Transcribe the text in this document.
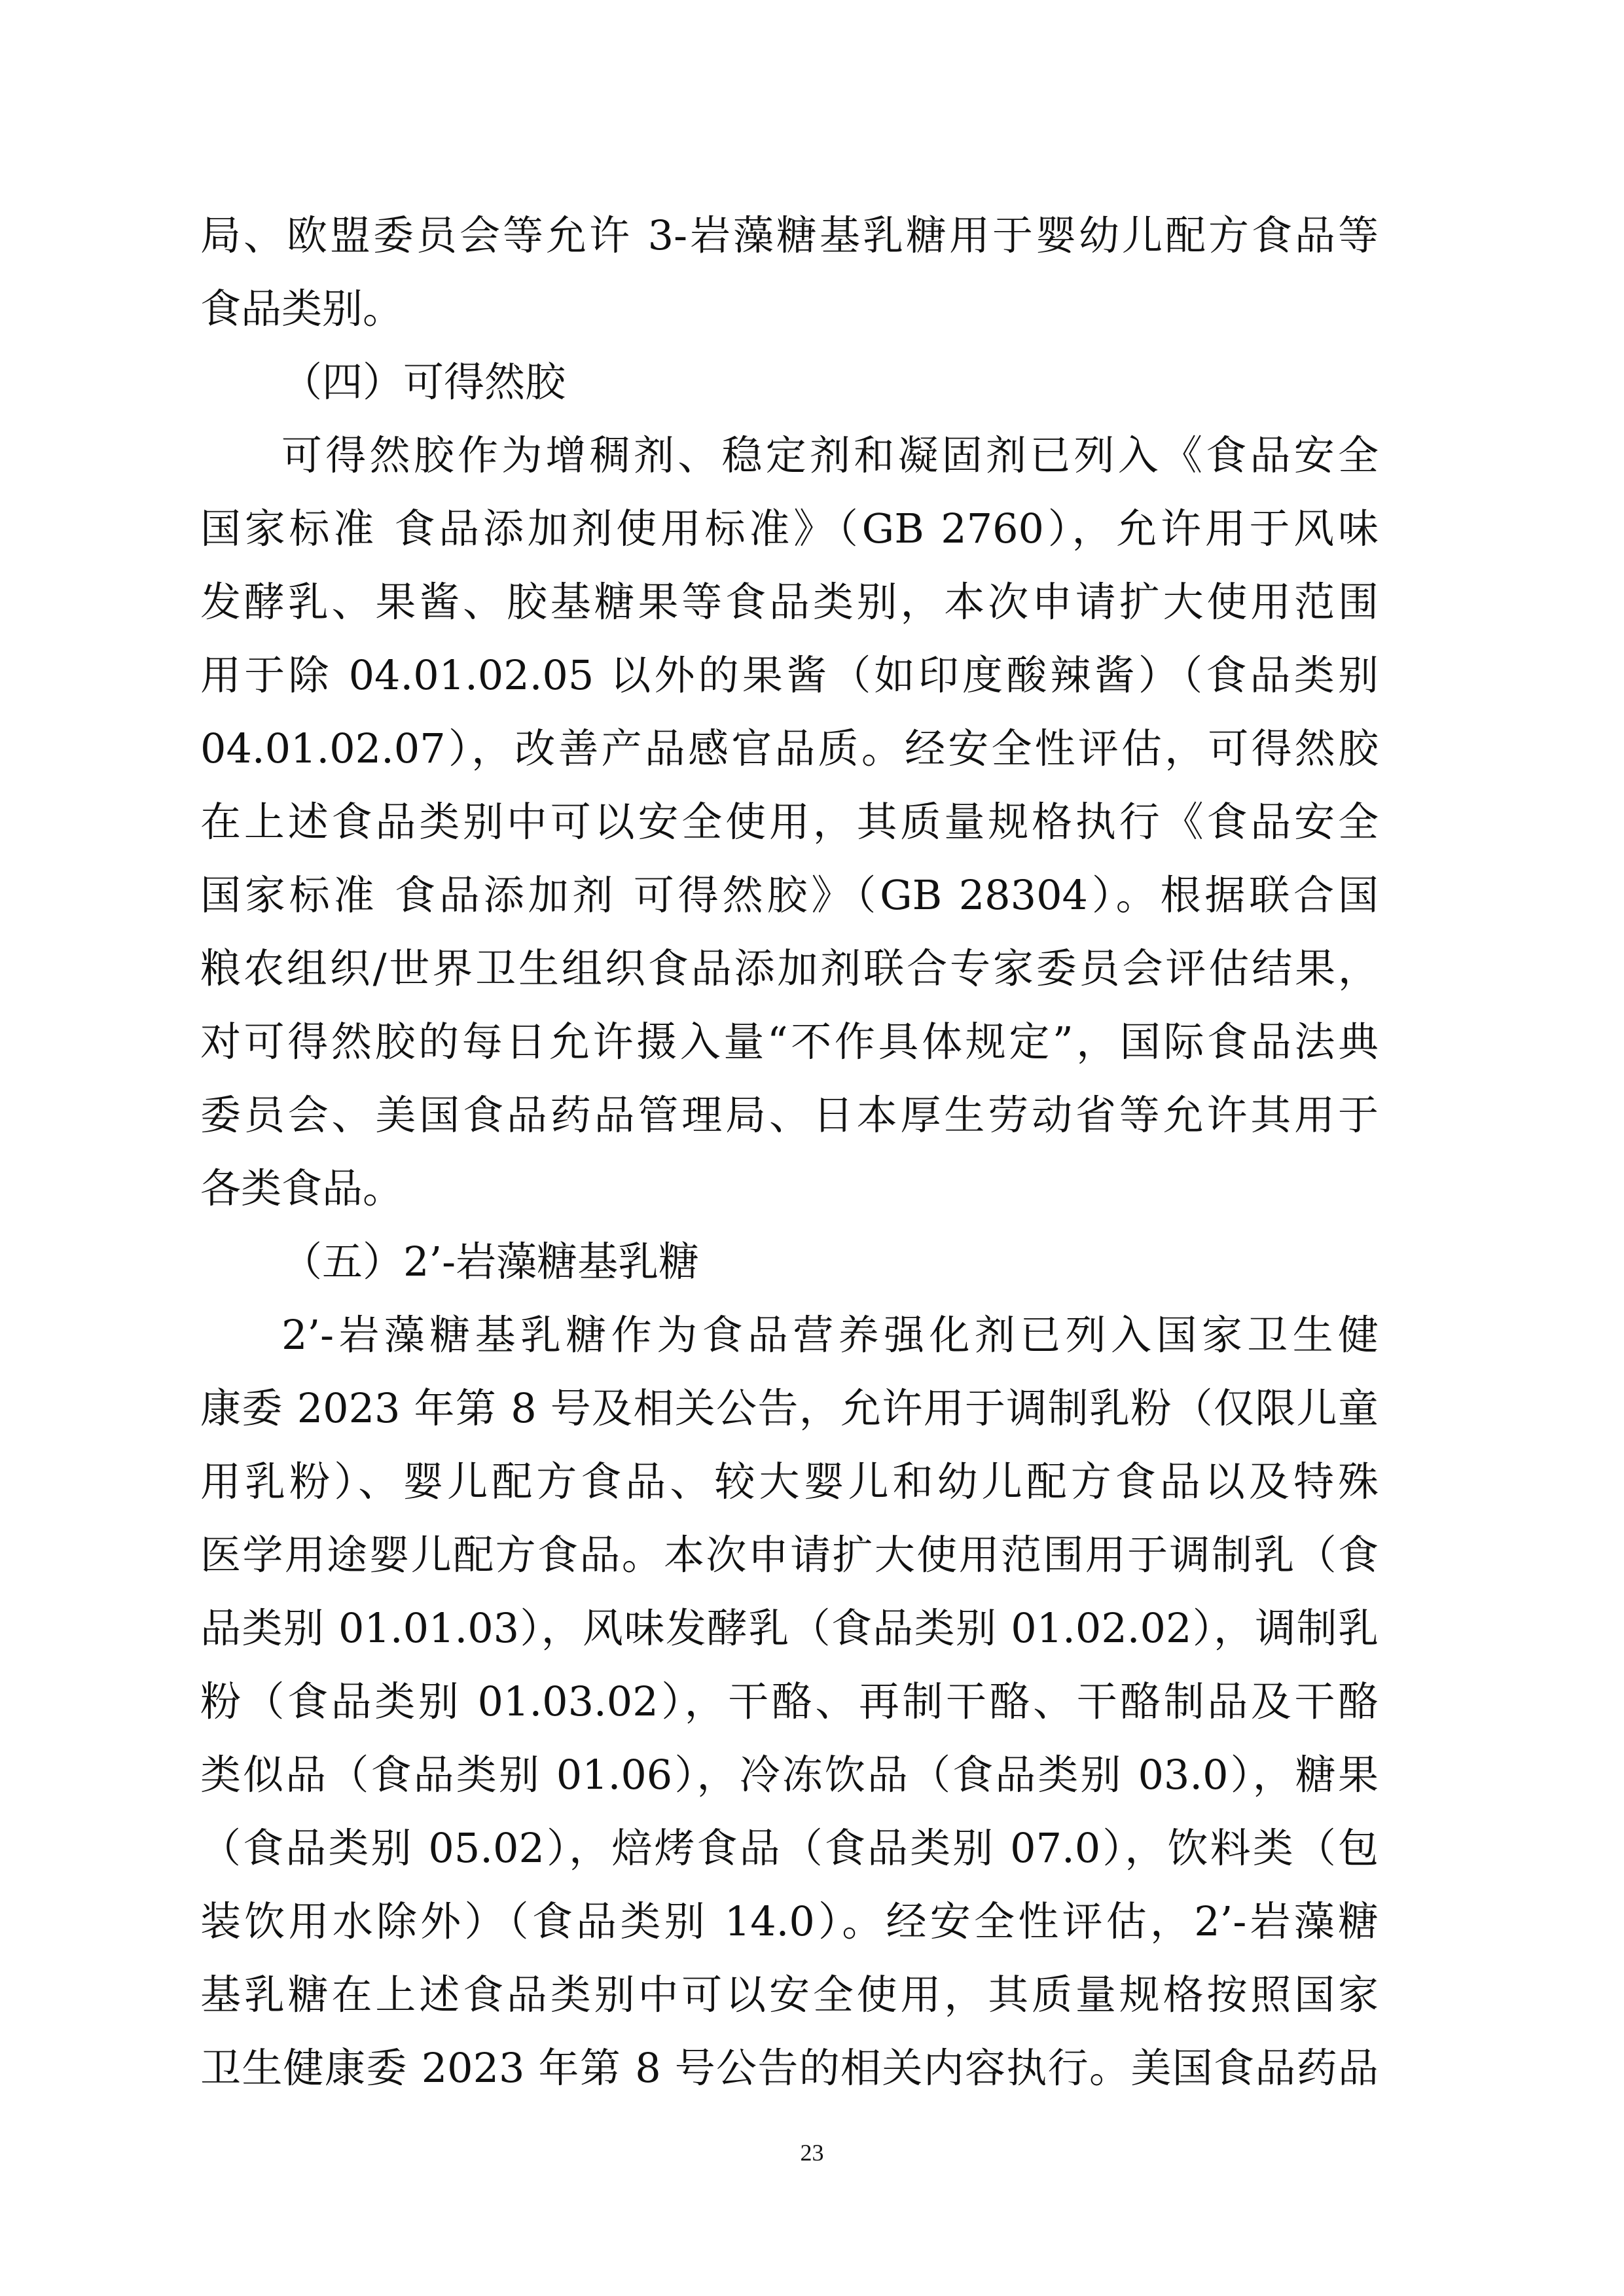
局、欧盟委员会等允许 3-岩藻糖基乳糖用于婴幼儿配方食品等
食品类别。
（四）可得然胶
可得然胶作为增稠剂、稳定剂和凝固剂已列入《食品安全
国家标准 食品添加剂使用标准》（GB 2760），允许用于风味
发酵乳、果酱、胶基糖果等食品类别，本次申请扩大使用范围
用于除 04.01.02.05 以外的果酱（如印度酸辣酱）（食品类别
04.01.02.07），改善产品感官品质。经安全性评估，可得然胶
在上述食品类别中可以安全使用，其质量规格执行《食品安全
国家标准 食品添加剂 可得然胶》（GB 28304）。根据联合国
粮农组织/世界卫生组织食品添加剂联合专家委员会评估结果，
对可得然胶的每日允许摄入量“不作具体规定”，国际食品法典
委员会、美国食品药品管理局、日本厚生劳动省等允许其用于
各类食品。
（五）2’-岩藻糖基乳糖
2’-岩藻糖基乳糖作为食品营养强化剂已列入国家卫生健
康委 2023 年第 8 号及相关公告，允许用于调制乳粉（仅限儿童
用乳粉）、婴儿配方食品、较大婴儿和幼儿配方食品以及特殊
医学用途婴儿配方食品。本次申请扩大使用范围用于调制乳（食
品类别 01.01.03），风味发酵乳（食品类别 01.02.02），调制乳
粉（食品类别 01.03.02），干酪、再制干酪、干酪制品及干酪
类似品（食品类别 01.06），冷冻饮品（食品类别 03.0），糖果
（食品类别 05.02），焙烤食品（食品类别 07.0），饮料类（包
装饮用水除外）（食品类别 14.0）。经安全性评估，2’-岩藻糖
基乳糖在上述食品类别中可以安全使用，其质量规格按照国家
卫生健康委 2023 年第 8 号公告的相关内容执行。美国食品药品
23
